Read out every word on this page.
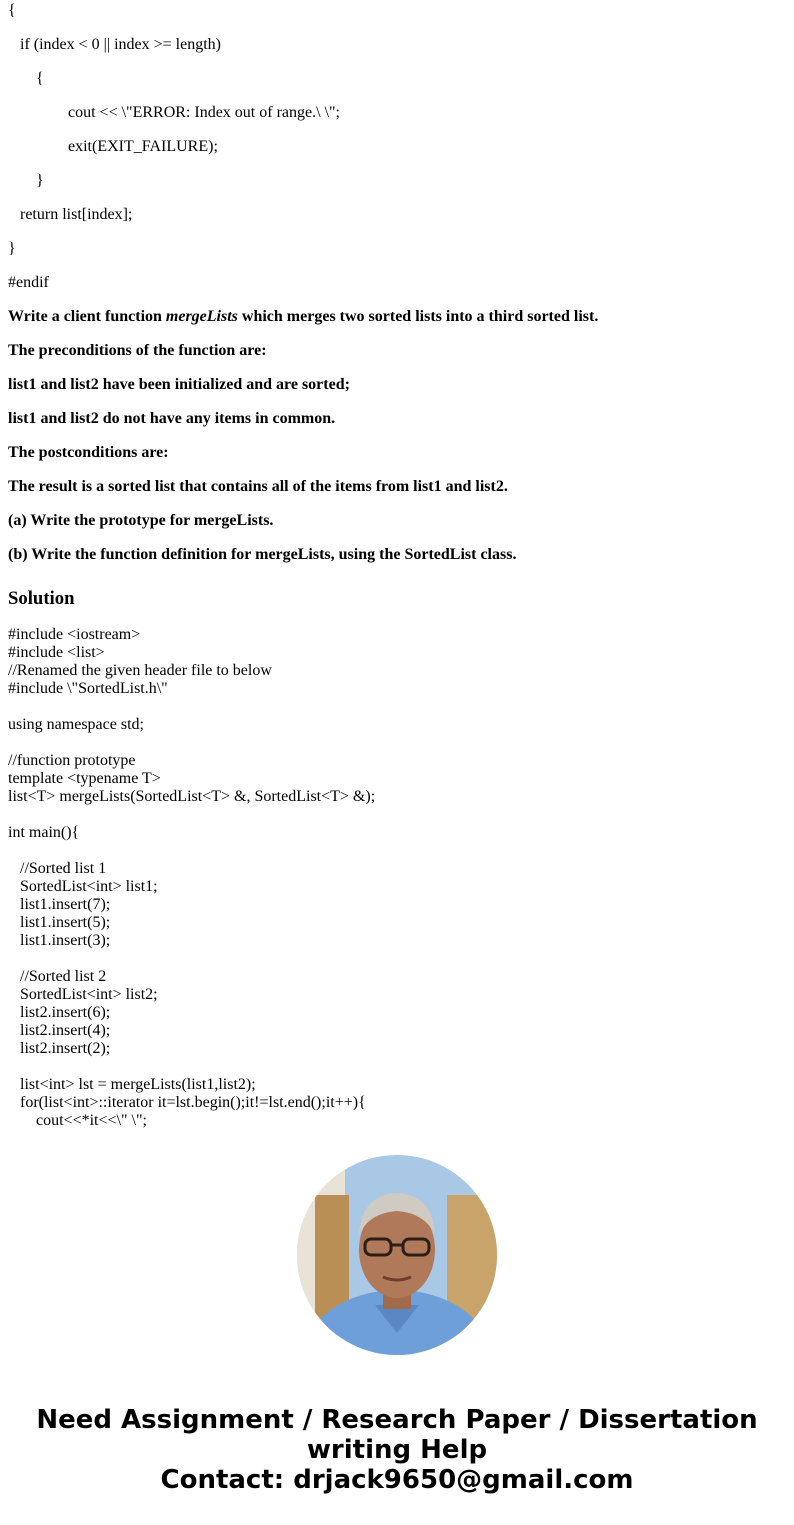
{

if (index < 0 || index >= length)

{

cout << \"ERROR: Index out of range.\ \";

exit(EXIT_FAILURE);

}

return list[index];

}

#endif

Write a client function mergeLists which merges two sorted lists into a third sorted list.

The preconditions of the function are:

list1 and list2 have been initialized and are sorted;

list1 and list2 do not have any items in common.

The postconditions are:

The result is a sorted list that contains all of the items from list1 and list2.

(a) Write the prototype for mergeLists.

(b) Write the function definition for mergeLists, using the SortedList class.

Solution
#include <iostream>
#include <list>
//Renamed the given header file to below
#include \"SortedList.h\"
using namespace std;
//function prototype
template <typename T>
list<T> mergeLists(SortedList<T> &, SortedList<T> &);
int main(){
//Sorted list 1
SortedList<int> list1;
list1.insert(7);
list1.insert(5);
list1.insert(3);
//Sorted list 2
SortedList<int> list2;
list2.insert(6);
list2.insert(4);
list2.insert(2);
list<int> lst = mergeLists(list1,list2);
for(list<int>::iterator it=lst.begin();it!=lst.end();it++){
cout<<*it<<\" \";
Need Assignment / Research Paper / Dissertation
writing Help
Contact: drjack9650@gmail.com
